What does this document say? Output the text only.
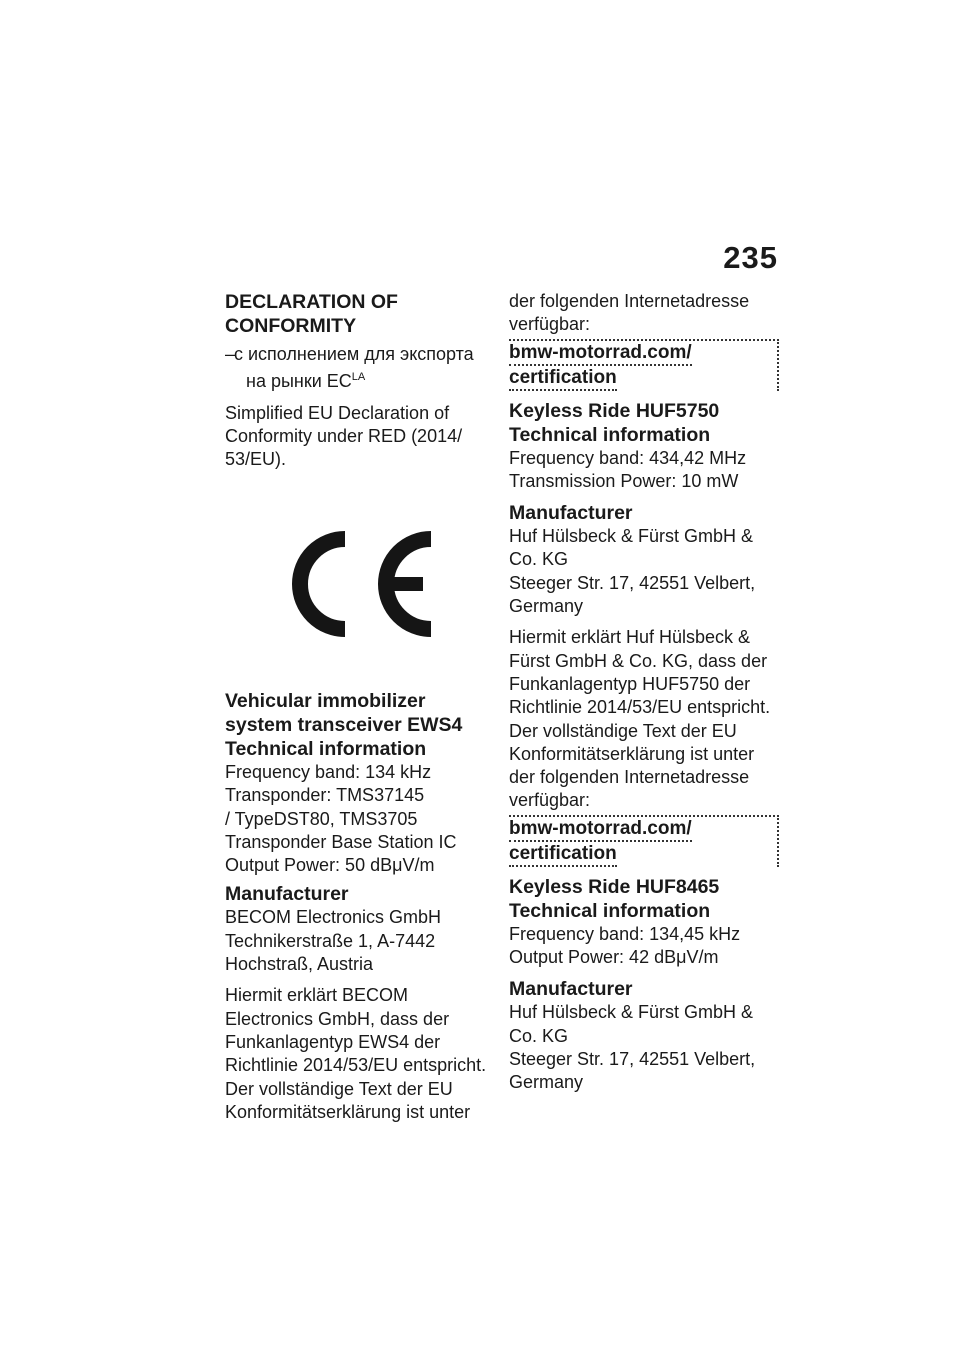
235

DECLARATION OF

CONFORMITY

–
с исполнением для экспорта
на рынки $ЕС^{LA}$

Simplified EU Declaration of

Conformity under RED (2014/

53/EU).

Vehicular immobilizer

system transceiver EWS4

Technical information

Frequency band: 134 kHz

Transponder: TMS37145

/ TypeDST80, TMS3705

Transponder Base Station IC

Output Power: 50 dBμV/m

Manufacturer

BECOM Electronics GmbH

Technikerstraße 1, A-7442

Hochstraß, Austria

Hiermit erklärt BECOM

Electronics GmbH, dass der

Funkanlagentyp EWS4 der

Richtlinie 2014/53/EU entspricht.

Der vollständige Text der EU

Konformitätserklärung ist unter

der folgenden Internetadresse

verfügbar:

bmw-motorrad.com/
certification

Keyless Ride HUF5750

Technical information

Frequency band: 434,42 MHz

Transmission Power: 10 mW

Manufacturer

Huf Hülsbeck & Fürst GmbH &

Co. KG

Steeger Str. 17, 42551 Velbert,

Germany

Hiermit erklärt Huf Hülsbeck &

Fürst GmbH & Co. KG, dass der

Funkanlagentyp HUF5750 der

Richtlinie 2014/53/EU entspricht.

Der vollständige Text der EU

Konformitätserklärung ist unter

der folgenden Internetadresse

verfügbar:

bmw-motorrad.com/
certification

Keyless Ride HUF8465

Technical information

Frequency band: 134,45 kHz

Output Power: 42 dBμV/m

Manufacturer

Huf Hülsbeck & Fürst GmbH &

Co. KG

Steeger Str. 17, 42551 Velbert,

Germany
